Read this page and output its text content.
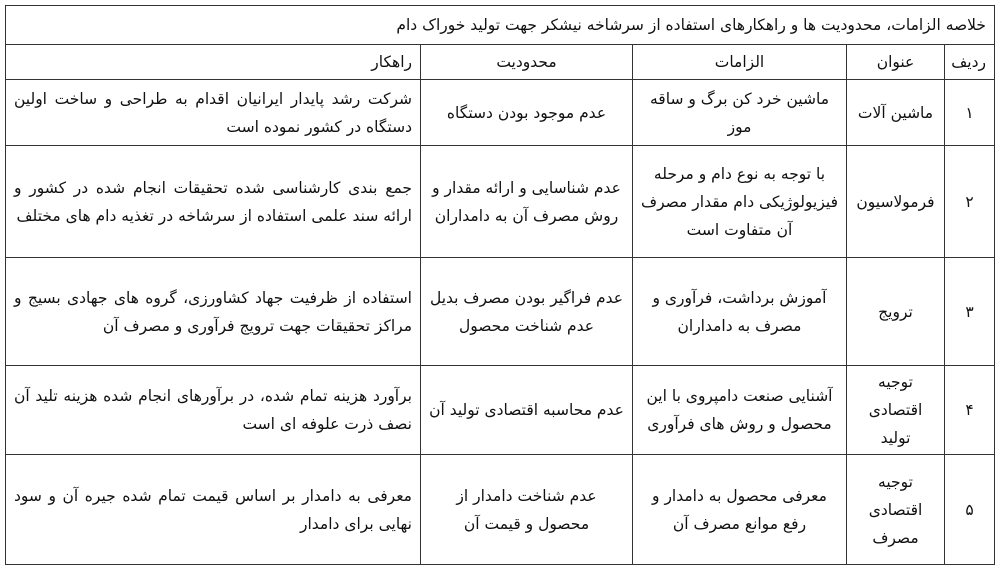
خلاصه الزامات، محدودیت ها و راهکارهای استفاده از سرشاخه نیشکر جهت تولید خوراک دام				
ردیف	عنوان	الزامات	محدودیت	راهکار
۱	ماشین آلات	ماشین خرد کن برگ و ساقه موز	عدم موجود بودن دستگاه	شرکت رشد پایدار ایرانیان اقدام به طراحی و ساخت اولین دستگاه در کشور نموده است
۲	فرمولاسیون	با توجه به نوع دام و مرحله فیزیولوژیکی دام مقدار مصرف آن متفاوت است	عدم شناسایی و ارائه مقدار و روش مصرف آن به دامداران	جمع بندی کارشناسی شده تحقیقات انجام شده در کشور و ارائه سند علمی استفاده از سرشاخه در تغذیه دام های مختلف
۳	ترویج	آموزش برداشت، فرآوری و مصرف به دامداران	عدم فراگیر بودن مصرف بدیل عدم شناخت محصول	استفاده از ظرفیت جهاد کشاورزی، گروه های جهادی بسیج و مراکز تحقیقات جهت ترویج فرآوری و مصرف آن
۴	توجیه اقتصادی تولید	آشنایی صنعت دامپروی با این محصول و روش های فرآوری	عدم محاسبه اقتصادی تولید آن	برآورد هزینه تمام شده، در برآورهای انجام شده هزینه تلید آن نصف ذرت علوفه ای است
۵	توجیه اقتصادی مصرف	معرفی محصول به دامدار و رفع موانع مصرف آن	عدم شناخت دامدار از محصول و قیمت آن	معرفی به دامدار بر اساس قیمت تمام شده جیره آن و سود نهایی برای دامدار
